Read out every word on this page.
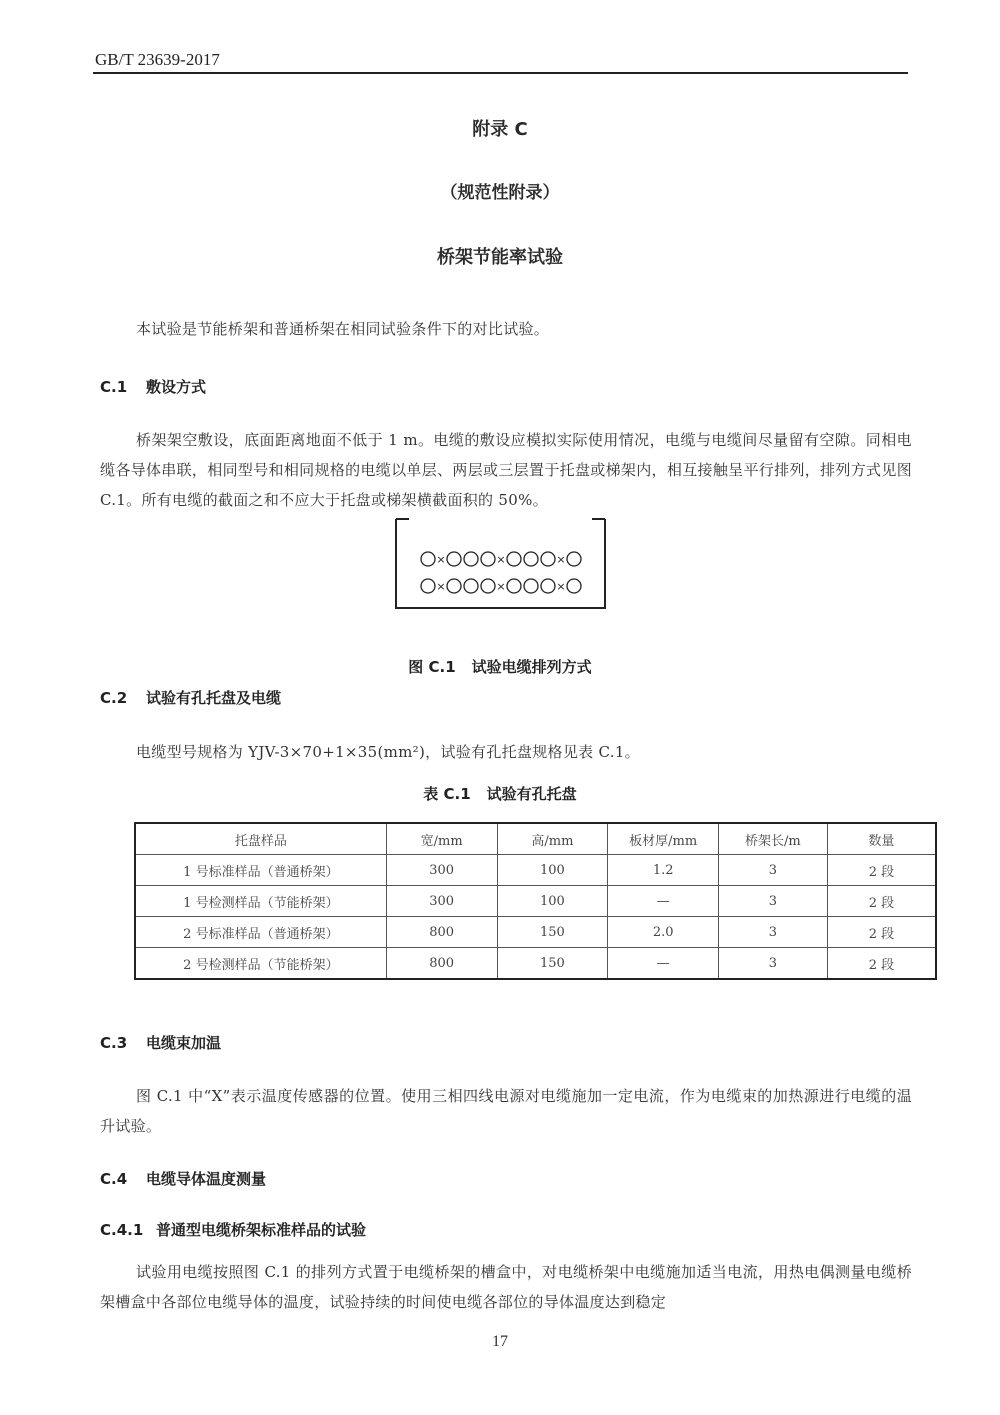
GB/T 23639-2017
附录 C
（规范性附录）
桥架节能率试验
本试验是节能桥架和普通桥架在相同试验条件下的对比试验。
C.1 敷设方式
桥架架空敷设，底面距离地面不低于 1 m。电缆的敷设应模拟实际使用情况，电缆与电缆间尽量留有空隙。同相电缆各导体串联，相同型号和相同规格的电缆以单层、两层或三层置于托盘或梯架内，相互接触呈平行排列，排列方式见图 C.1。所有电缆的截面之和不应大于托盘或梯架横截面积的 50%。
×	×	×
×	×	×
图 C.1 试验电缆排列方式
C.2 试验有孔托盘及电缆
电缆型号规格为 YJV-3×70+1×35(mm²)，试验有孔托盘规格见表 C.1。
表 C.1 试验有孔托盘
托盘样品	宽/mm	高/mm	板材厚/mm	桥架长/m	数量
1 号标准样品（普通桥架）	300	100	1.2	3	2 段
1 号检测样品（节能桥架）	300	100	—	3	2 段
2 号标准样品（普通桥架）	800	150	2.0	3	2 段
2 号检测样品（节能桥架）	800	150	—	3	2 段
C.3 电缆束加温
图 C.1 中“X”表示温度传感器的位置。使用三相四线电源对电缆施加一定电流，作为电缆束的加热源进行电缆的温升试验。
C.4 电缆导体温度测量
C.4.1 普通型电缆桥架标准样品的试验
试验用电缆按照图 C.1 的排列方式置于电缆桥架的槽盒中，对电缆桥架中电缆施加适当电流，用热电偶测量电缆桥架槽盒中各部位电缆导体的温度，试验持续的时间使电缆各部位的导体温度达到稳定
17
